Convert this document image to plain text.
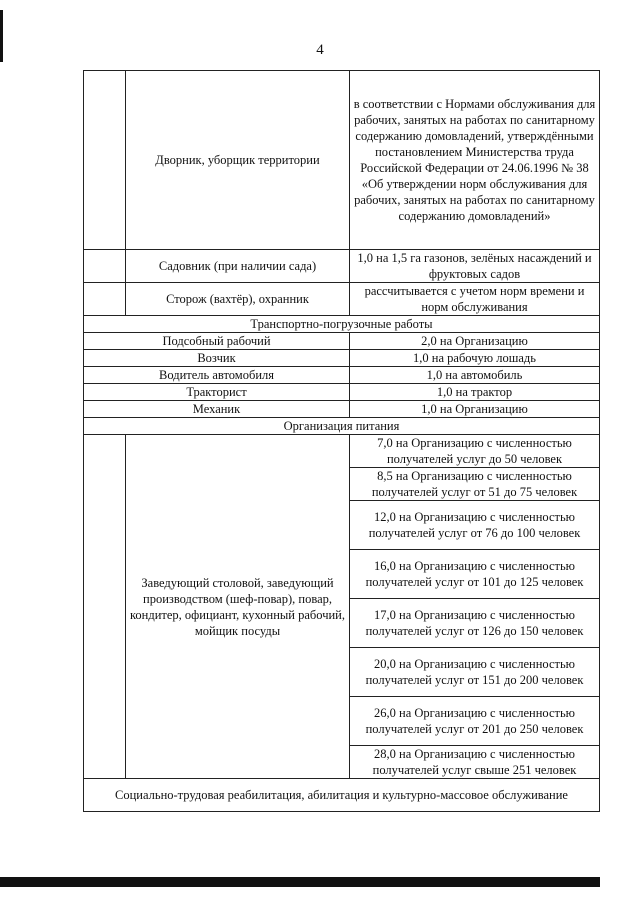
4
	Дворник, уборщик территории	в соответствии с Нормами обслуживания для рабочих, занятых на работах по санитарному содержанию домовладений, утверждёнными постановлением Министерства труда Российской Федерации от 24.06.1996 № 38 «Об утверждении норм обслуживания для рабочих, занятых на работах по санитарному содержанию домовладений»
	Садовник (при наличии сада)	1,0 на 1,5 га газонов, зелёных насаждений и фруктовых садов
	Сторож (вахтёр), охранник	рассчитывается с учетом норм времени и норм обслуживания
Транспортно-погрузочные работы		
Подсобный рабочий		2,0 на Организацию
Возчик		1,0 на рабочую лошадь
Водитель автомобиля		1,0 на автомобиль
Тракторист		1,0 на трактор
Механик		1,0 на Организацию
Организация питания		
	Заведующий столовой, заведующий производством (шеф-повар), повар, кондитер, официант, кухонный рабочий, мойщик посуды	7,0 на Организацию с численностью получателей услуг до 50 человек
		8,5 на Организацию с численностью получателей услуг от 51 до 75 человек
		12,0 на Организацию с численностью получателей услуг от 76 до 100 человек
		16,0 на Организацию с численностью получателей услуг от 101 до 125 человек
		17,0 на Организацию с численностью получателей услуг от 126 до 150 человек
		20,0 на Организацию с численностью получателей услуг от 151 до 200 человек
		26,0 на Организацию с численностью получателей услуг от 201 до 250 человек
		28,0 на Организацию с численностью получателей услуг свыше 251 человек
Социально-трудовая реабилитация, абилитация и культурно-массовое обслуживание		
